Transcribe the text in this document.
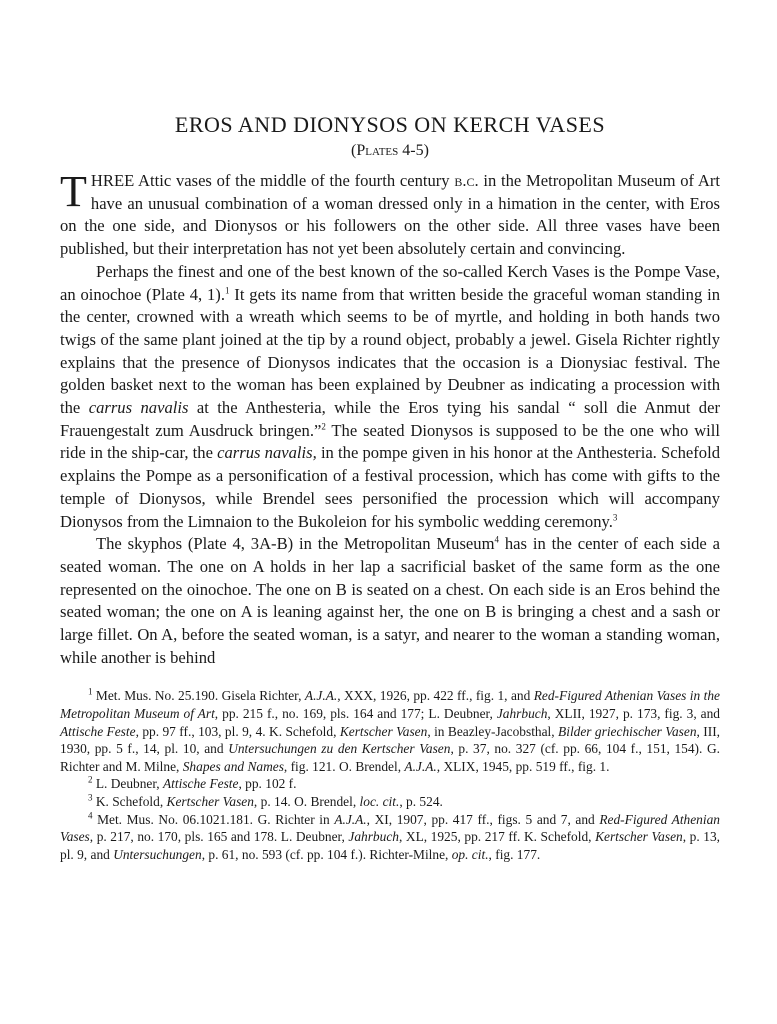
EROS AND DIONYSOS ON KERCH VASES
(Plates 4-5)

THREE Attic vases of the middle of the fourth century b.c. in the Metropolitan Museum of Art have an unusual combination of a woman dressed only in a himation in the center, with Eros on the one side, and Dionysos or his followers on the other side. All three vases have been published, but their interpretation has not yet been absolutely certain and convincing.

Perhaps the finest and one of the best known of the so-called Kerch Vases is the Pompe Vase, an oinochoe (Plate 4, 1).$^1$ It gets its name from that written beside the graceful woman standing in the center, crowned with a wreath which seems to be of myrtle, and holding in both hands two twigs of the same plant joined at the tip by a round object, probably a jewel. Gisela Richter rightly explains that the presence of Dionysos indicates that the occasion is a Dionysiac festival. The golden basket next to the woman has been explained by Deubner as indicating a procession with the carrus navalis at the Anthesteria, while the Eros tying his sandal “ soll die Anmut der Frauengestalt zum Ausdruck bringen.”$^2$ The seated Dionysos is supposed to be the one who will ride in the ship-car, the carrus navalis, in the pompe given in his honor at the Anthesteria. Schefold explains the Pompe as a personification of a festival procession, which has come with gifts to the temple of Dionysos, while Brendel sees personified the procession which will accompany Dionysos from the Limnaion to the Bukoleion for his symbolic wedding ceremony.$^3$

The skyphos (Plate 4, 3A-B) in the Metropolitan Museum$^4$ has in the center of each side a seated woman. The one on A holds in her lap a sacrificial basket of the same form as the one represented on the oinochoe. The one on B is seated on a chest. On each side is an Eros behind the seated woman; the one on A is leaning against her, the one on B is bringing a chest and a sash or large fillet. On A, before the seated woman, is a satyr, and nearer to the woman a standing woman, while another is behind

$^1$ Met. Mus. No. 25.190. Gisela Richter, A.J.A., XXX, 1926, pp. 422 ff., fig. 1, and Red-Figured Athenian Vases in the Metropolitan Museum of Art, pp. 215 f., no. 169, pls. 164 and 177; L. Deubner, Jahrbuch, XLII, 1927, p. 173, fig. 3, and Attische Feste, pp. 97 ff., 103, pl. 9, 4. K. Schefold, Kertscher Vasen, in Beazley-Jacobsthal, Bilder griechischer Vasen, III, 1930, pp. 5 f., 14, pl. 10, and Untersuchungen zu den Kertscher Vasen, p. 37, no. 327 (cf. pp. 66, 104 f., 151, 154). G. Richter and M. Milne, Shapes and Names, fig. 121. O. Brendel, A.J.A., XLIX, 1945, pp. 519 ff., fig. 1.

$^2$ L. Deubner, Attische Feste, pp. 102 f.

$^3$ K. Schefold, Kertscher Vasen, p. 14. O. Brendel, loc. cit., p. 524.

$^4$ Met. Mus. No. 06.1021.181. G. Richter in A.J.A., XI, 1907, pp. 417 ff., figs. 5 and 7, and Red-Figured Athenian Vases, p. 217, no. 170, pls. 165 and 178. L. Deubner, Jahrbuch, XL, 1925, pp. 217 ff. K. Schefold, Kertscher Vasen, p. 13, pl. 9, and Untersuchungen, p. 61, no. 593 (cf. pp. 104 f.). Richter-Milne, op. cit., fig. 177.
